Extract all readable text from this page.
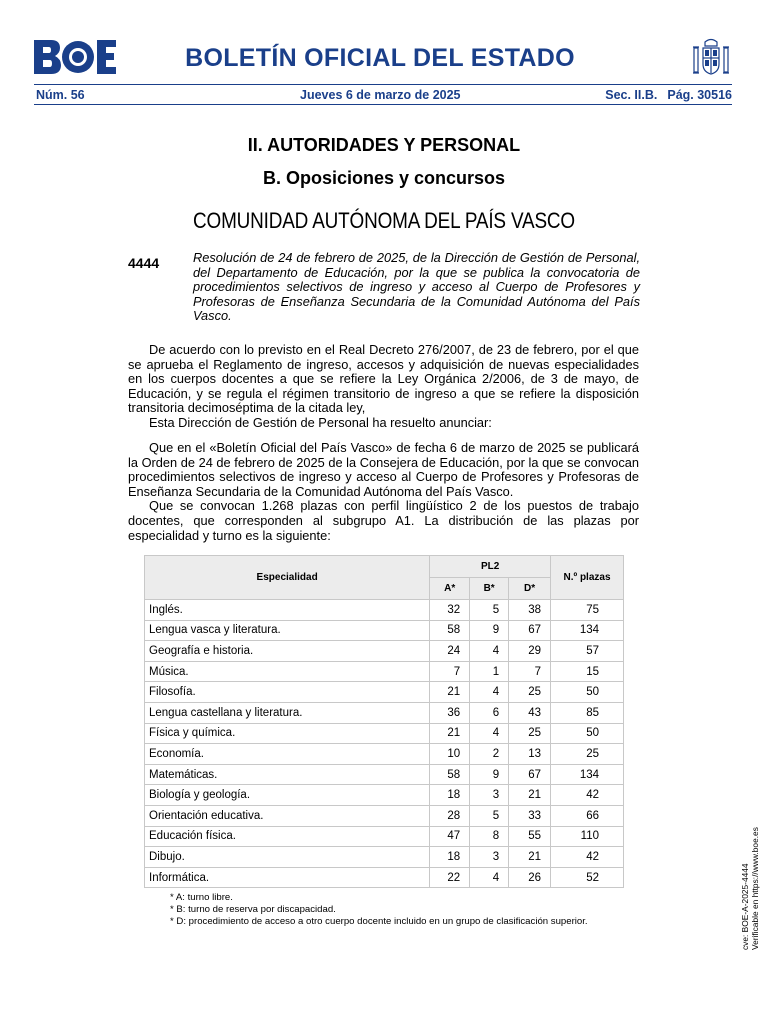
BOLETÍN OFICIAL DEL ESTADO
Núm. 56	Jueves 6 de marzo de 2025	Sec. II.B. Pág. 30516
II. AUTORIDADES Y PERSONAL
B. Oposiciones y concursos
COMUNIDAD AUTÓNOMA DEL PAÍS VASCO
4444	Resolución de 24 de febrero de 2025, de la Dirección de Gestión de Personal, del Departamento de Educación, por la que se publica la convocatoria de procedimientos selectivos de ingreso y acceso al Cuerpo de Profesores y Profesoras de Enseñanza Secundaria de la Comunidad Autónoma del País Vasco.

De acuerdo con lo previsto en el Real Decreto 276/2007, de 23 de febrero, por el que se aprueba el Reglamento de ingreso, accesos y adquisición de nuevas especialidades en los cuerpos docentes a que se refiere la Ley Orgánica 2/2006, de 3 de mayo, de Educación, y se regula el régimen transitorio de ingreso a que se refiere la disposición transitoria decimoséptima de la citada ley,

Esta Dirección de Gestión de Personal ha resuelto anunciar:

Que en el «Boletín Oficial del País Vasco» de fecha 6 de marzo de 2025 se publicará la Orden de 24 de febrero de 2025 de la Consejera de Educación, por la que se convocan procedimientos selectivos de ingreso y acceso al Cuerpo de Profesores y Profesoras de Enseñanza Secundaria de la Comunidad Autónoma del País Vasco.

Que se convocan 1.268 plazas con perfil lingüístico 2 de los puestos de trabajo docentes, que corresponden al subgrupo A1. La distribución de las plazas por especialidad y turno es la siguiente:

Especialidad	PL2			N.º plazas
	A*	B*	D*	
Inglés.	32	5	38	75
Lengua vasca y literatura.	58	9	67	134
Geografía e historia.	24	4	29	57
Música.	7	1	7	15
Filosofía.	21	4	25	50
Lengua castellana y literatura.	36	6	43	85
Física y química.	21	4	25	50
Economía.	10	2	13	25
Matemáticas.	58	9	67	134
Biología y geología.	18	3	21	42
Orientación educativa.	28	5	33	66
Educación física.	47	8	55	110
Dibujo.	18	3	21	42
Informática.	22	4	26	52
* A: turno libre.
* B: turno de reserva por discapacidad.
* D: procedimiento de acceso a otro cuerpo docente incluido en un grupo de clasificación superior.	cve: BOE-A-2025-4444 Verificable en https://www.boe.es
